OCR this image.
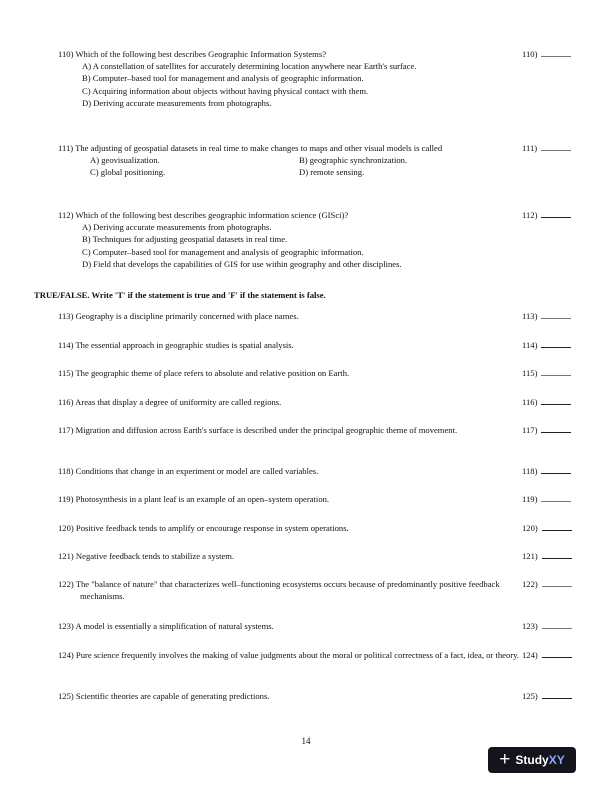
110) Which of the following best describes Geographic Information Systems?
A) A constellation of satellites for accurately determining location anywhere near Earth's surface.
B) Computer–based tool for management and analysis of geographic information.
C) Acquiring information about objects without having physical contact with them.
D) Deriving accurate measurements from photographs.
110)
111) The adjusting of geospatial datasets in real time to make changes to maps and other visual models is called
A) geovisualization.	B) geographic synchronization.
C) global positioning.	D) remote sensing.
111)
112) Which of the following best describes geographic information science (GISci)?
A) Deriving accurate measurements from photographs.
B) Techniques for adjusting geospatial datasets in real time.
C) Computer–based tool for management and analysis of geographic information.
D) Field that develops the capabilities of GIS for use within geography and other disciplines.
112)
TRUE/FALSE. Write 'T' if the statement is true and 'F' if the statement is false.
113) Geography is a discipline primarily concerned with place names.	113)
114) The essential approach in geographic studies is spatial analysis.	114)
115) The geographic theme of place refers to absolute and relative position on Earth.	115)
116) Areas that display a degree of uniformity are called regions.	116)
117) Migration and diffusion across Earth's surface is described under the principal geographic theme of movement.	117)
118) Conditions that change in an experiment or model are called variables.	118)
119) Photosynthesis in a plant leaf is an example of an open–system operation.	119)
120) Positive feedback tends to amplify or encourage response in system operations.	120)
121) Negative feedback tends to stabilize a system.	121)
122) The "balance of nature" that characterizes well–functioning ecosystems occurs because of predominantly positive feedback mechanisms.
122)
123) A model is essentially a simplification of natural systems.	123)
124) Pure science frequently involves the making of value judgments about the moral or political correctness of a fact, idea, or theory. 124)
125) Scientific theories are capable of generating predictions.	125)
14
+ StudyXY
